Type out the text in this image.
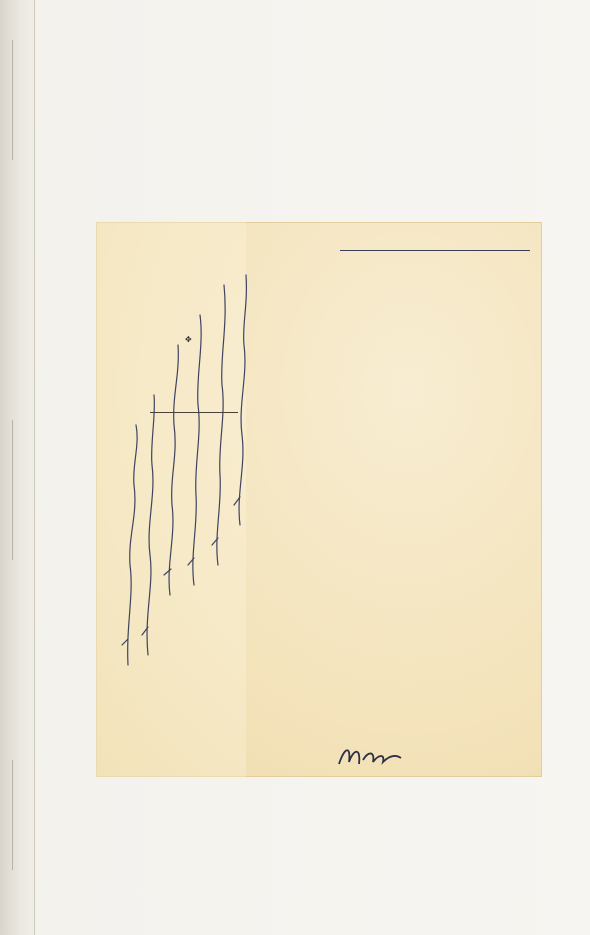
✥
